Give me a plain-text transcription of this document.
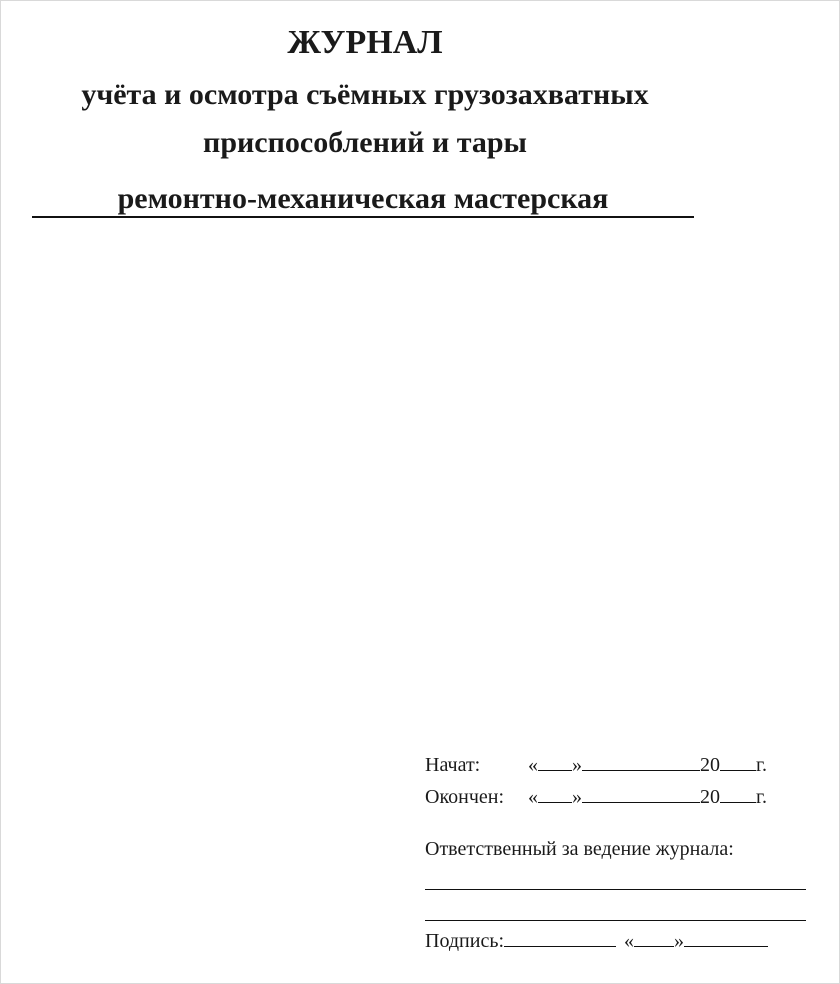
ЖУРНАЛ
учёта и осмотра съёмных грузозахватных
приспособлений и тары
ремонтно-механическая мастерская
Начат: « »	20 г.
Окончен: « »	20 г.
Ответственный за ведение журнала:
Подпись:	« »
